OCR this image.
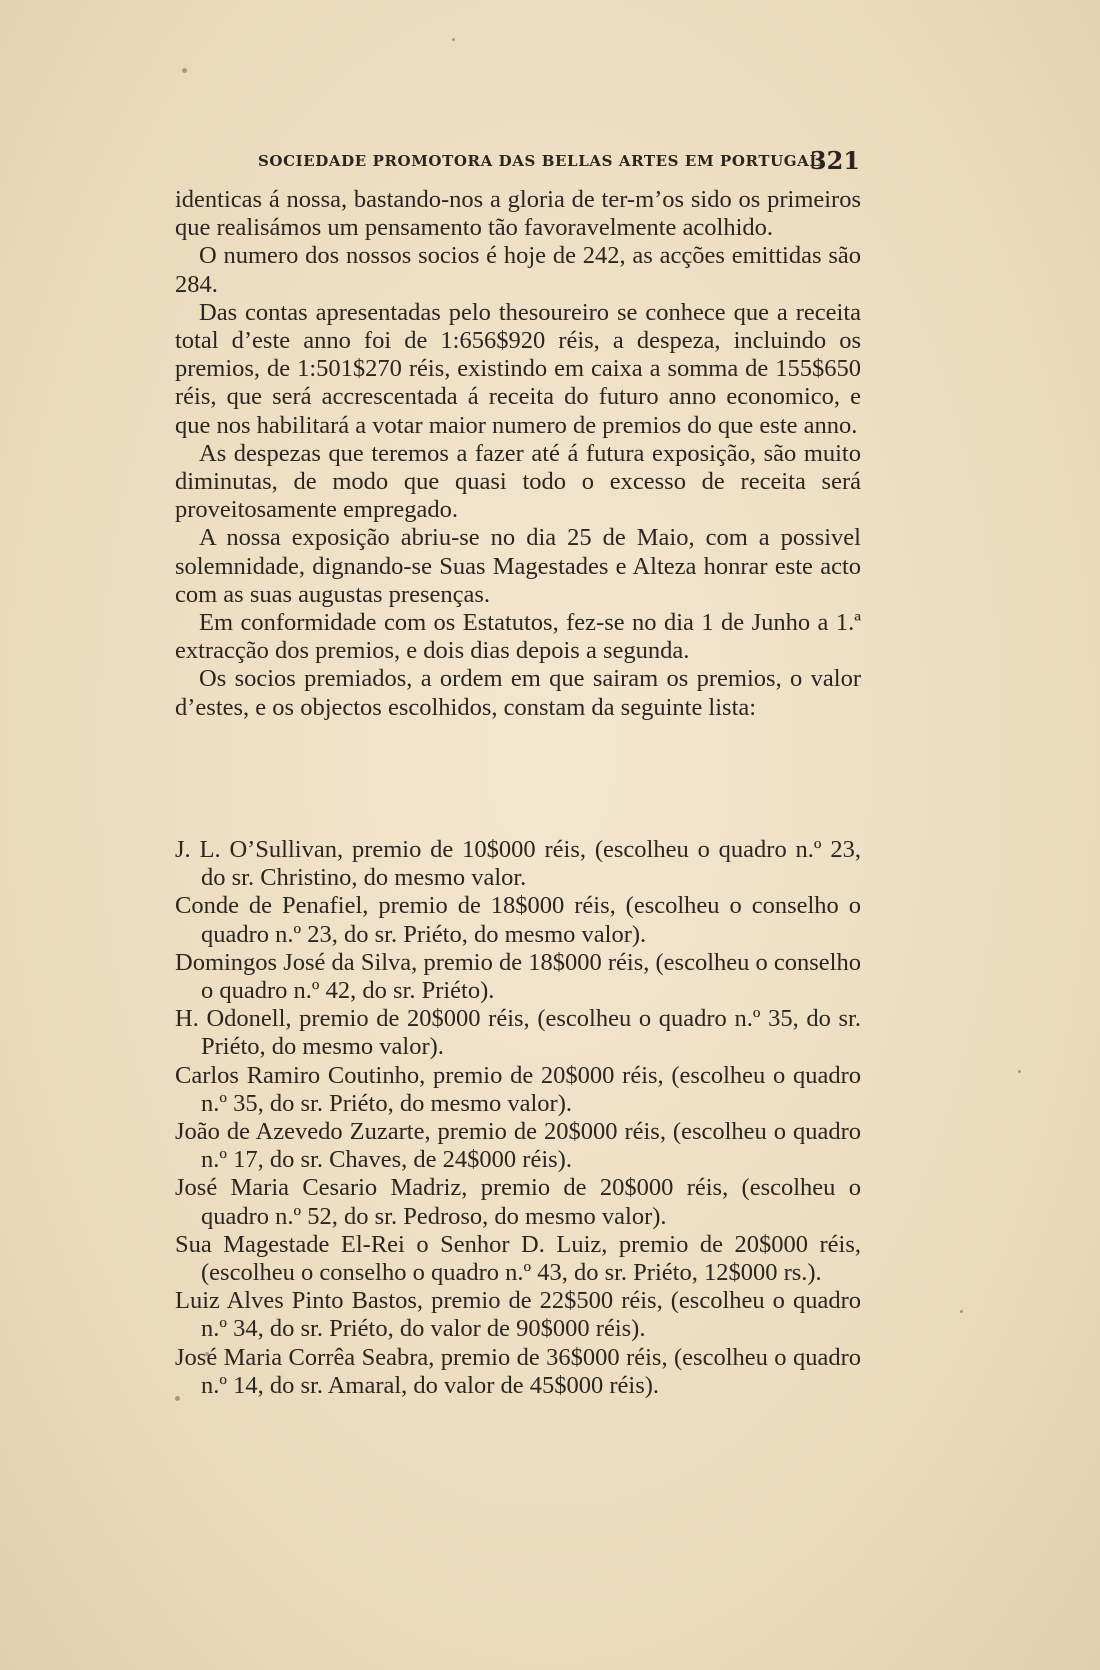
SOCIEDADE PROMOTORA DAS BELLAS ARTES EM PORTUGAL
321

identicas á nossa, bastando-nos a gloria de ter-m’os sido os primeiros que realisámos um pensamento tão favoravelmente acolhido.

O numero dos nossos socios é hoje de 242, as acções emittidas são 284.

Das contas apresentadas pelo thesoureiro se conhece que a receita total d’este anno foi de 1:656$920 réis, a despeza, incluindo os premios, de 1:501$270 réis, existindo em caixa a somma de 155$650 réis, que será accrescentada á receita do futuro anno economico, e que nos habilitará a votar maior numero de premios do que este anno.

As despezas que teremos a fazer até á futura exposição, são muito diminutas, de modo que quasi todo o excesso de receita será proveitosamente empregado.

A nossa exposição abriu-se no dia 25 de Maio, com a possivel solemnidade, dignando-se Suas Magestades e Alteza honrar este acto com as suas augustas presenças.

Em conformidade com os Estatutos, fez-se no dia 1 de Junho a 1.ª extracção dos premios, e dois dias depois a segunda.

Os socios premiados, a ordem em que sairam os premios, o valor d’estes, e os objectos escolhidos, constam da seguinte lista:

J. L. O’Sullivan, premio de 10$000 réis, (escolheu o quadro n.º 23, do sr. Christino, do mesmo valor.

Conde de Penafiel, premio de 18$000 réis, (escolheu o conselho o quadro n.º 23, do sr. Priéto, do mesmo valor).

Domingos José da Silva, premio de 18$000 réis, (escolheu o conselho o quadro n.º 42, do sr. Priéto).

H. Odonell, premio de 20$000 réis, (escolheu o quadro n.º 35, do sr. Priéto, do mesmo valor).

Carlos Ramiro Coutinho, premio de 20$000 réis, (escolheu o quadro n.º 35, do sr. Priéto, do mesmo valor).

João de Azevedo Zuzarte, premio de 20$000 réis, (escolheu o quadro n.º 17, do sr. Chaves, de 24$000 réis).

José Maria Cesario Madriz, premio de 20$000 réis, (escolheu o quadro n.º 52, do sr. Pedroso, do mesmo valor).

Sua Magestade El-Rei o Senhor D. Luiz, premio de 20$000 réis, (escolheu o conselho o quadro n.º 43, do sr. Priéto, 12$000 rs.).

Luiz Alves Pinto Bastos, premio de 22$500 réis, (escolheu o quadro n.º 34, do sr. Priéto, do valor de 90$000 réis).

José Maria Corrêa Seabra, premio de 36$000 réis, (escolheu o quadro n.º 14, do sr. Amaral, do valor de 45$000 réis).
